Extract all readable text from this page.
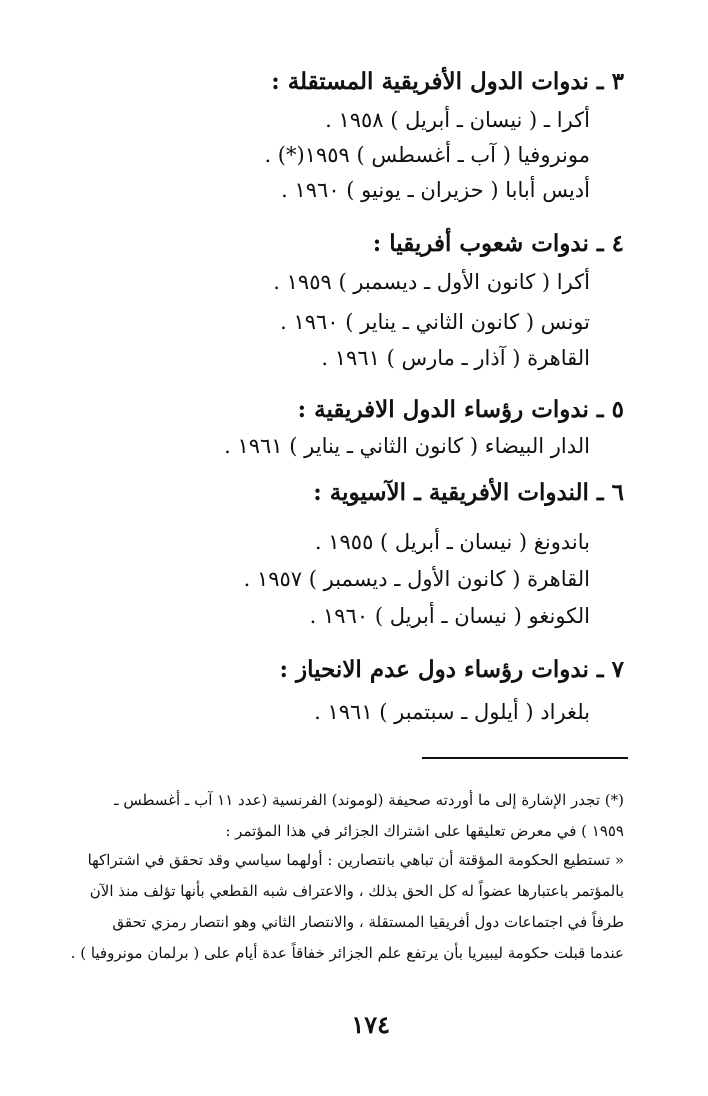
٣ ـ ندوات الدول الأفريقية المستقلة :
أكرا ـ ( نيسان ـ أبريل ) ١٩٥٨ .
مونروفيا ( آب ـ أغسطس ) ١٩٥٩(*) .
أديس أبابا ( حزيران ـ يونيو ) ١٩٦٠ .
٤ ـ ندوات شعوب أفريقيا :
أكرا ( كانون الأول ـ ديسمبر ) ١٩٥٩ .
تونس ( كانون الثاني ـ يناير ) ١٩٦٠ .
القاهرة ( آذار ـ مارس ) ١٩٦١ .
٥ ـ ندوات رؤساء الدول الافريقية :
الدار البيضاء ( كانون الثاني ـ يناير ) ١٩٦١ .
٦ ـ الندوات الأفريقية ـ الآسيوية :
باندونغ ( نيسان ـ أبريل ) ١٩٥٥ .
القاهرة ( كانون الأول ـ ديسمبر ) ١٩٥٧ .
الكونغو ( نيسان ـ أبريل ) ١٩٦٠ .
٧ ـ ندوات رؤساء دول عدم الانحياز :
بلغراد ( أيلول ـ سبتمبر ) ١٩٦١ .
(*) تجدر الإشارة إلى ما أوردته صحيفة (لوموند) الفرنسية (عدد ١١ آب ـ أغسطس ـ
١٩٥٩ ) في معرض تعليقها على اشتراك الجزائر في هذا المؤتمر :
« تستطيع الحكومة المؤقتة أن تباهي بانتصارين : أولهما سياسي وقد تحقق في اشتراكها
بالمؤتمر باعتبارها عضواً له كل الحق بذلك ، والاعتراف شبه القطعي بأنها تؤلف منذ الآن
طرفاً في اجتماعات دول أفريقيا المستقلة ، والانتصار الثاني وهو انتصار رمزي تحقق
عندما قبلت حكومة ليبيريا بأن يرتفع علم الجزائر خفاقاً عدة أيام على ( برلمان مونروفيا ) .
١٧٤
